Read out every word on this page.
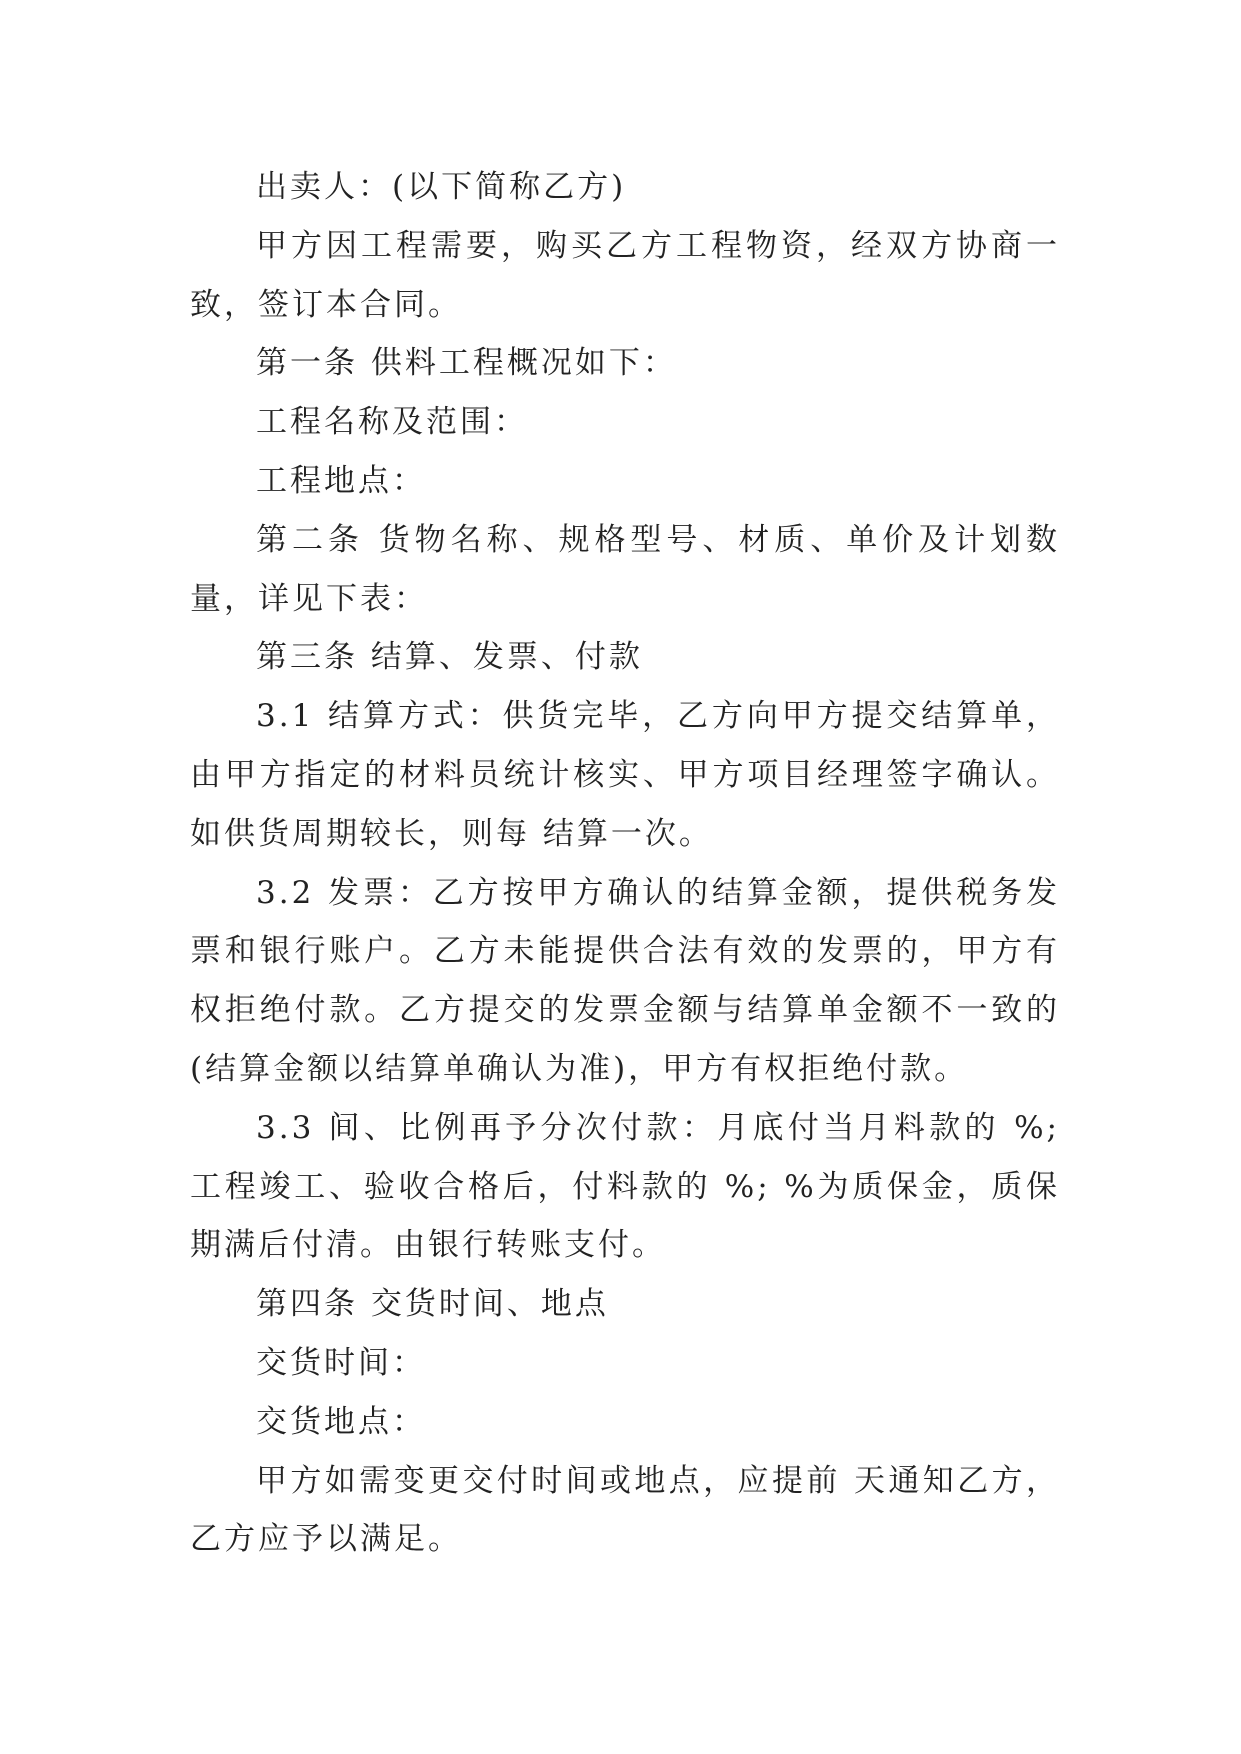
出卖人：(以下简称乙方)

甲方因工程需要，购买乙方工程物资，经双方协商一致，签订本合同。

第一条 供料工程概况如下：

工程名称及范围：

工程地点：

第二条 货物名称、规格型号、材质、单价及计划数量，详见下表：

第三条 结算、发票、付款

3.1 结算方式：供货完毕，乙方向甲方提交结算单，由甲方指定的材料员统计核实、甲方项目经理签字确认。如供货周期较长，则每 结算一次。

3.2 发票：乙方按甲方确认的结算金额，提供税务发票和银行账户。乙方未能提供合法有效的发票的，甲方有权拒绝付款。乙方提交的发票金额与结算单金额不一致的(结算金额以结算单确认为准)，甲方有权拒绝付款。

3.3 间、比例再予分次付款：月底付当月料款的 %;工程竣工、验收合格后，付料款的 %; %为质保金，质保期满后付清。由银行转账支付。

第四条 交货时间、地点

交货时间：

交货地点：

甲方如需变更交付时间或地点，应提前 天通知乙方，乙方应予以满足。
